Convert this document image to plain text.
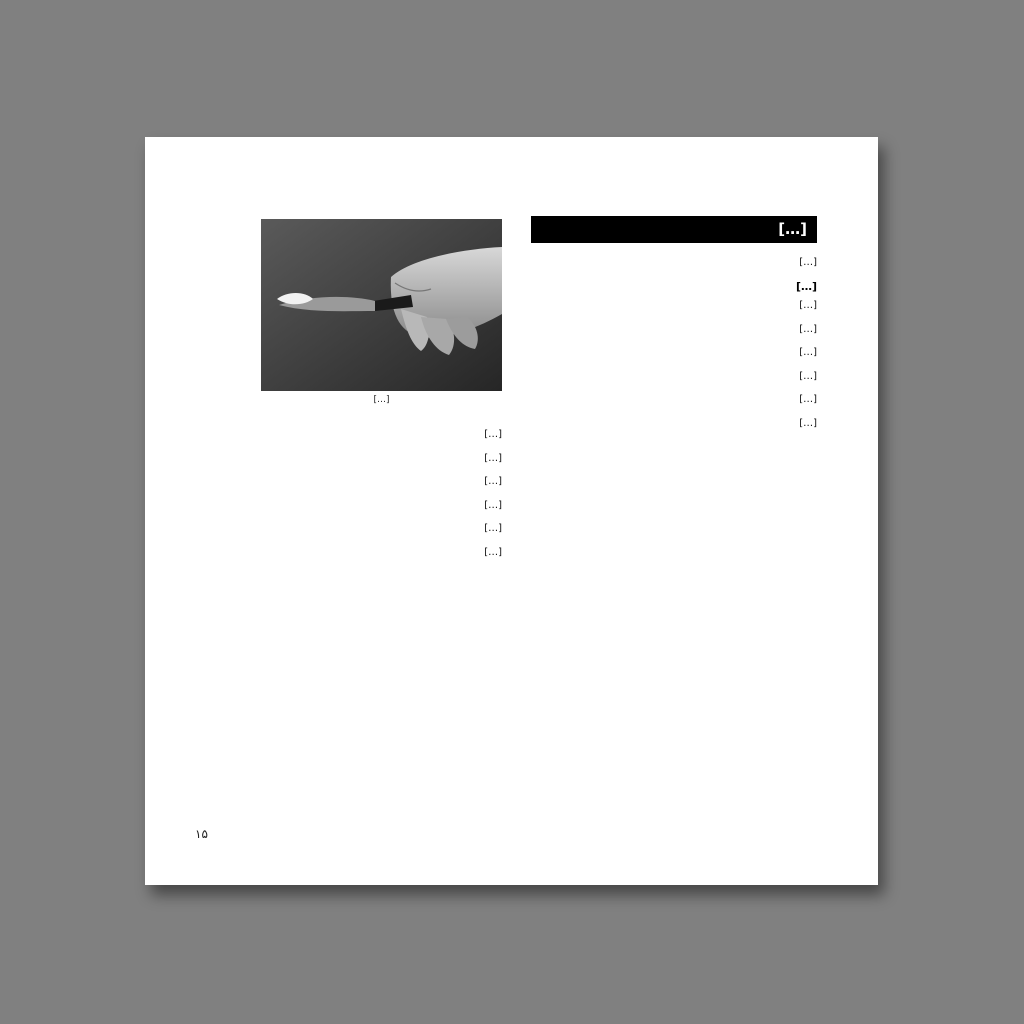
[…]
[…]

[…]

[…]

[…]

[…]

[…]

[…]

[…]

[…]

[…]

[…]

[…]

[…]

[…]

[…]

۱۵
